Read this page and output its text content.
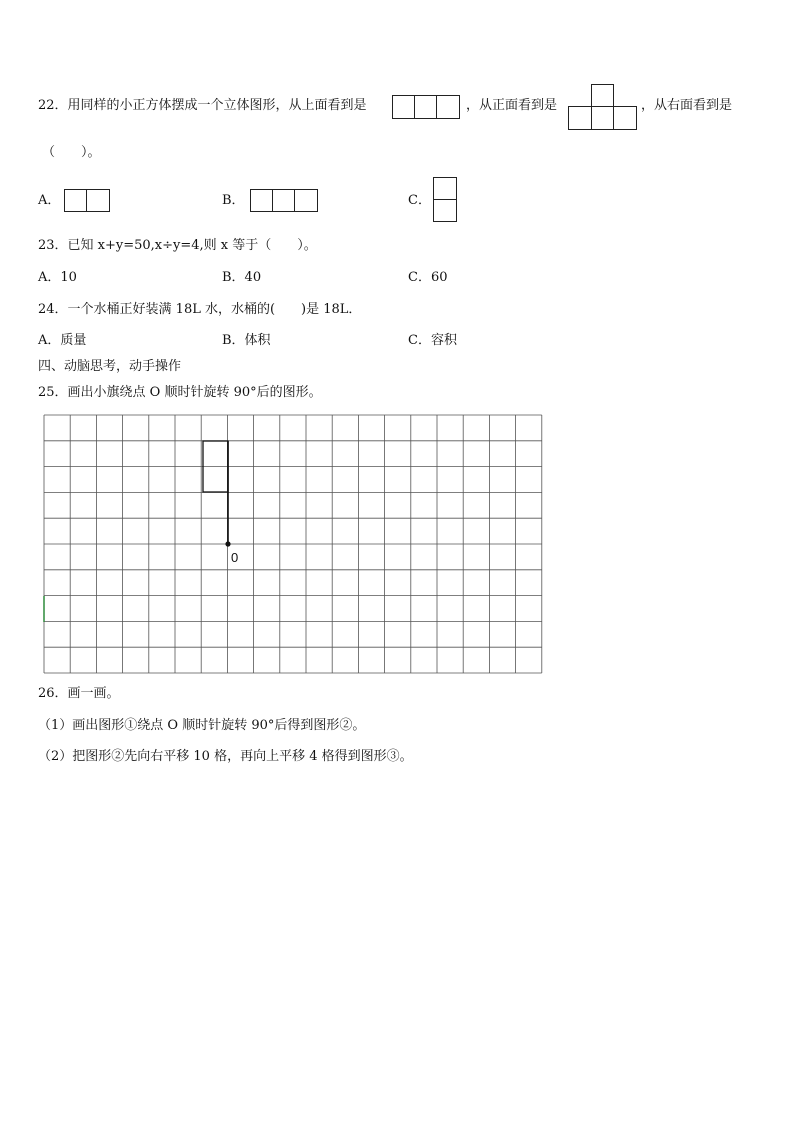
22．用同样的小正方体摆成一个立体图形，从上面看到是	，从正面看到是	，从右面看到是
（　　）。
A．	B．	C．
23．已知 x+y=50,x÷y=4,则 x 等于（　　）。
A．10	B．40	C．60
24．一个水桶正好装满 18L 水，水桶的(　　)是 18L．
A．质量	B．体积	C．容积
四、动脑思考，动手操作
25．画出小旗绕点 O 顺时针旋转 90°后的图形。
0
26．画一画。
（1）画出图形①绕点 O 顺时针旋转 90°后得到图形②。
（2）把图形②先向右平移 10 格，再向上平移 4 格得到图形③。
